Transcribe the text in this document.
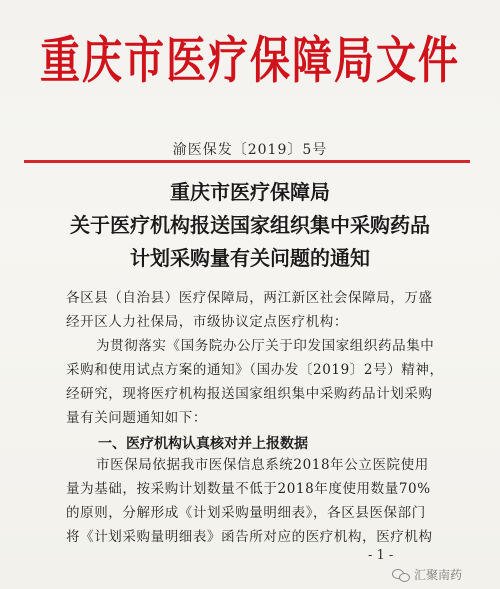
重庆市医疗保障局文件
渝医保发〔2019〕5号
重庆市医疗保障局
关于医疗机构报送国家组织集中采购药品
计划采购量有关问题的通知
各区县（自治县）医疗保障局，两江新区社会保障局，万盛
经开区人力社保局，市级协议定点医疗机构：
为贯彻落实《国务院办公厅关于印发国家组织药品集中
采购和使用试点方案的通知》（国办发〔2019〕2号）精神，
经研究，现将医疗机构报送国家组织集中采购药品计划采购
量有关问题通知如下：
一、医疗机构认真核对并上报数据
市医保局依据我市医保信息系统2018年公立医院使用
量为基础，按采购计划数量不低于2018年度使用数量70%
的原则，分解形成《计划采购量明细表》，各区县医保部门
将《计划采购量明细表》函告所对应的医疗机构，医疗机构
- 1 -
汇聚南药
